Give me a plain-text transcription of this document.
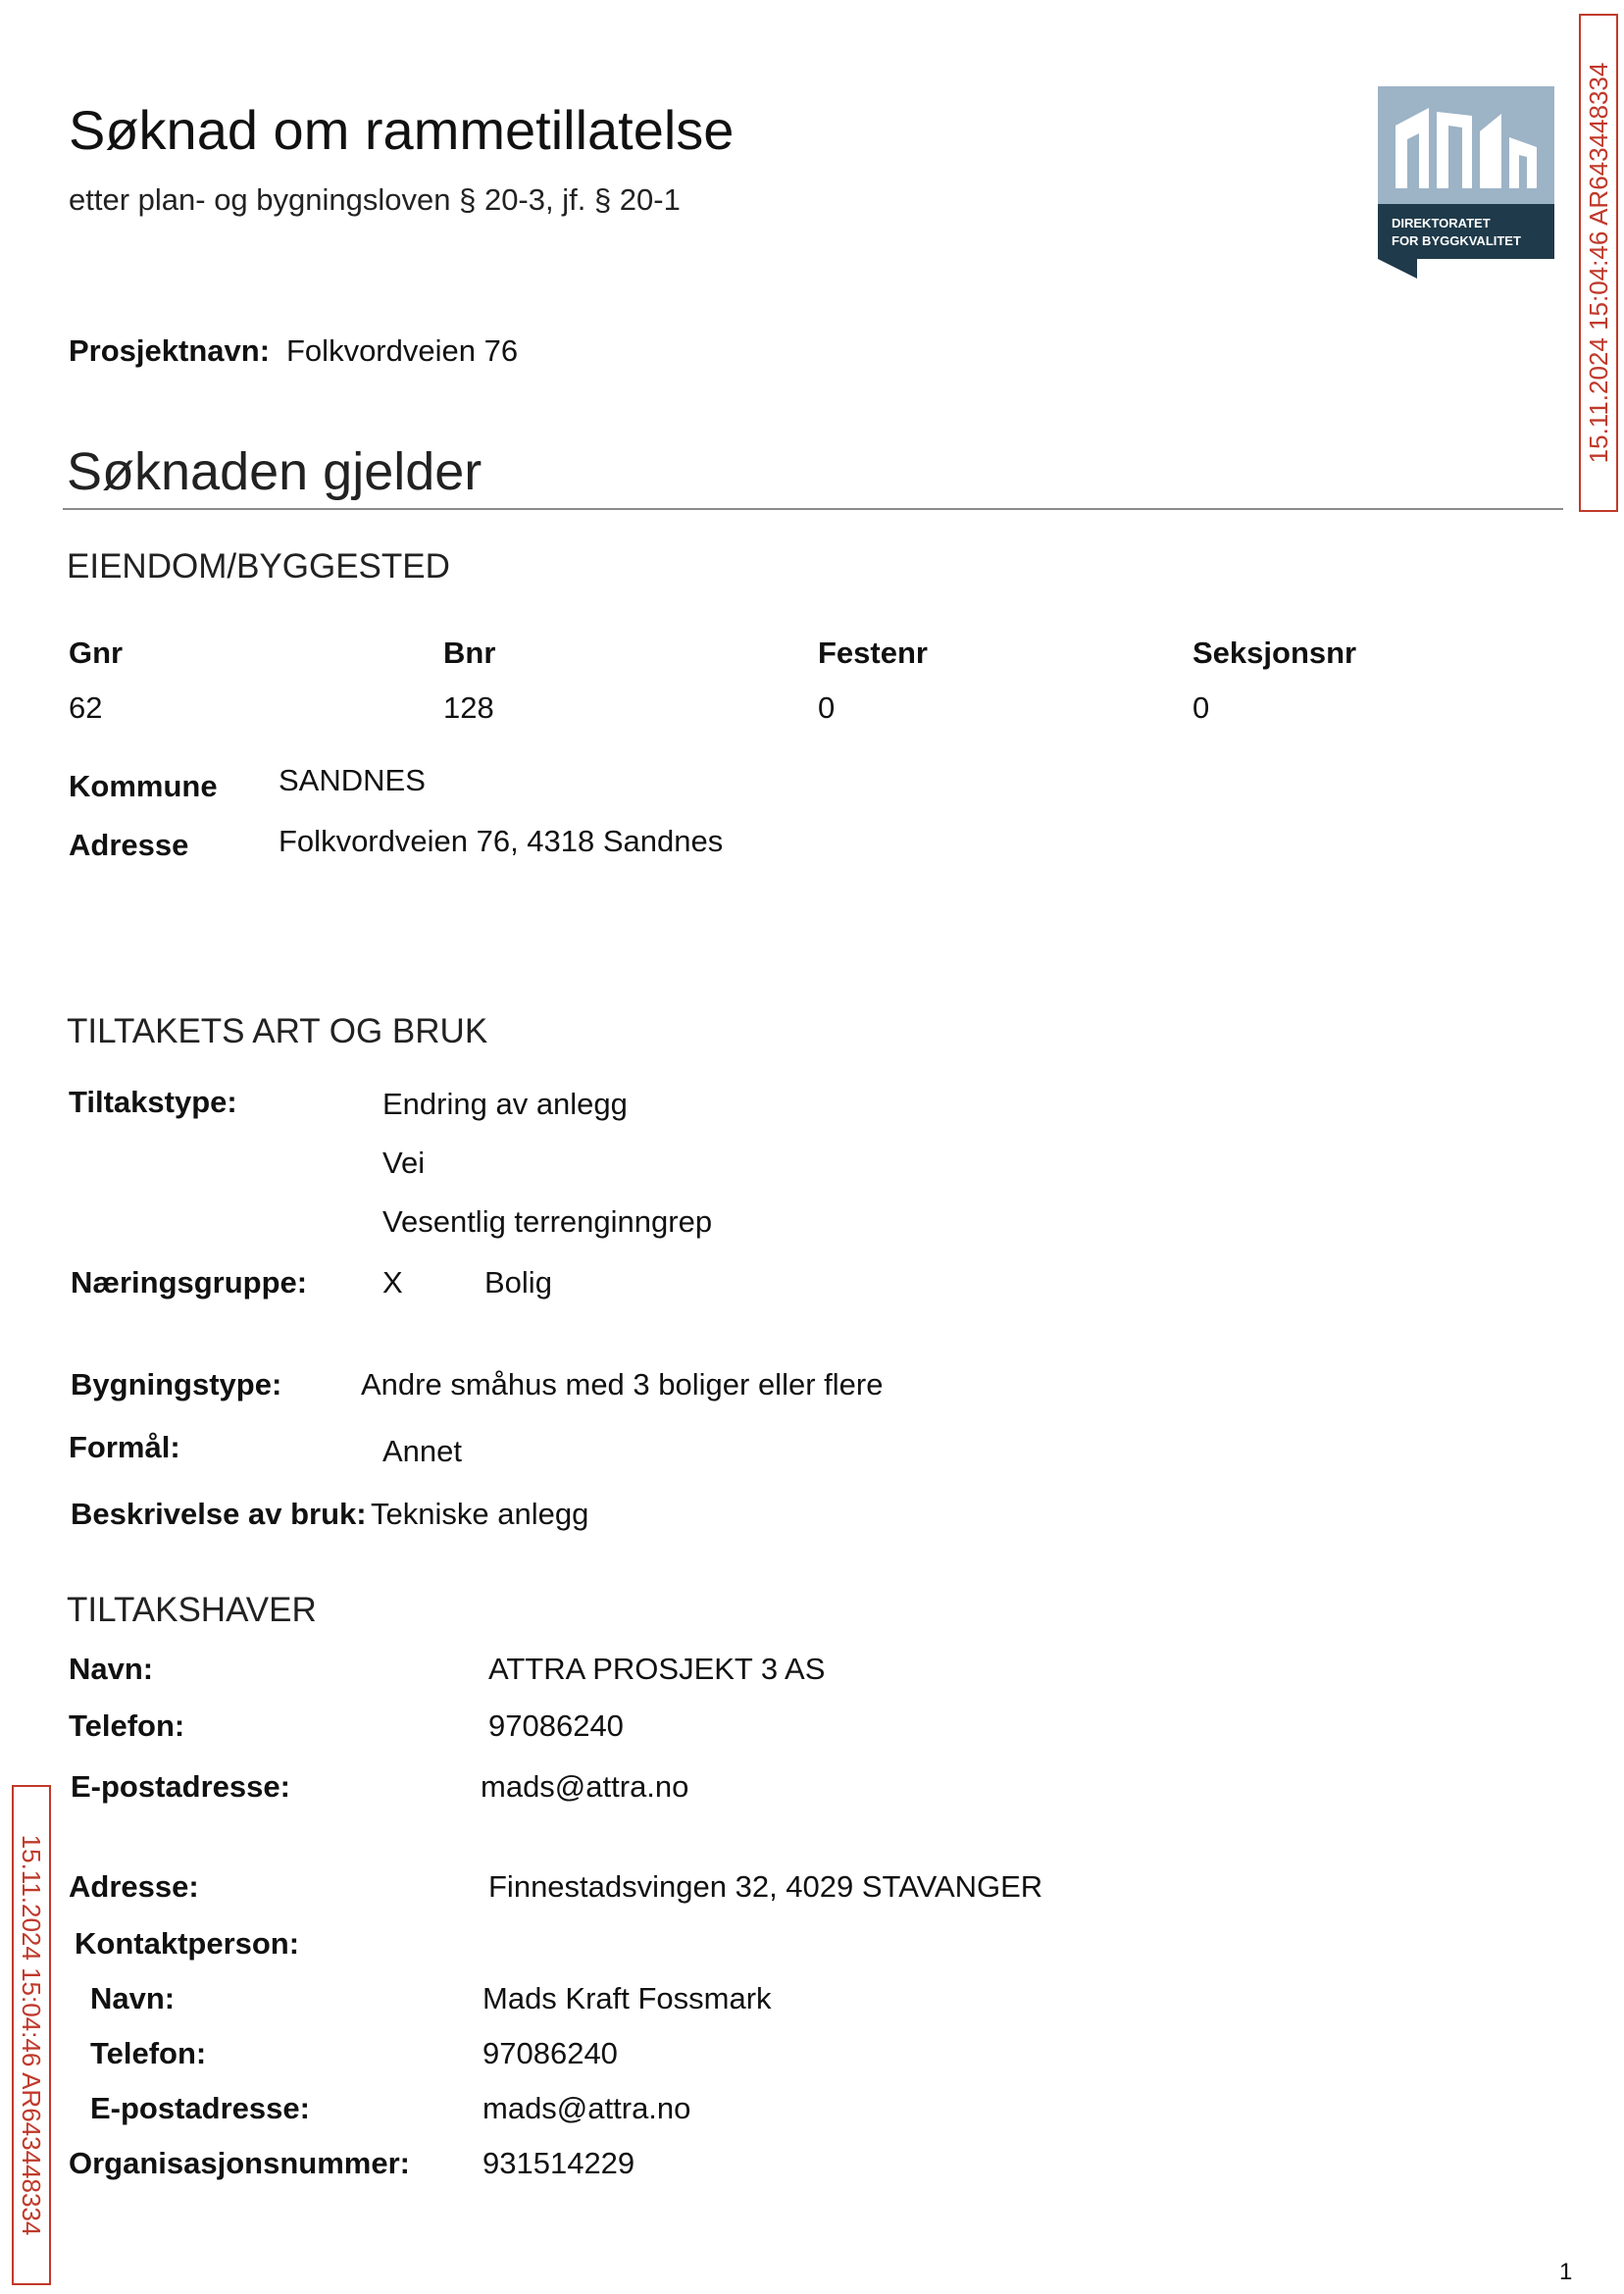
Søknad om rammetillatelse
etter plan- og bygningsloven § 20-3, jf. § 20-1
DIREKTORATET
FOR BYGGKVALITET 15.11.2024 15:04:46 AR643448334
15.11.2024 15:04:46 AR643448334
Prosjektnavn: Folkvordveien 76
Søknaden gjelder
EIENDOM/BYGGESTED
Gnr	Bnr	Festenr	Seksjonsnr
62	128	0	0
Kommune SANDNES
Adresse	Folkvordveien 76, 4318 Sandnes
TILTAKETS ART OG BRUK
Tiltakstype:	Endring av anlegg
Vei
Vesentlig terrenginngrep
Næringsgruppe: X	Bolig
Bygningstype:	Andre småhus med 3 boliger eller flere
Formål:	Annet
Beskrivelse av bruk: Tekniske anlegg
TILTAKSHAVER
Navn:	ATTRA PROSJEKT 3 AS
Telefon:	97086240
E-postadresse:	mads@attra.no
Adresse:	Finnestadsvingen 32, 4029 STAVANGER
Kontaktperson:
Navn:	Mads Kraft Fossmark
Telefon:	97086240
E-postadresse:	mads@attra.no
Organisasjonsnummer: 931514229
1
